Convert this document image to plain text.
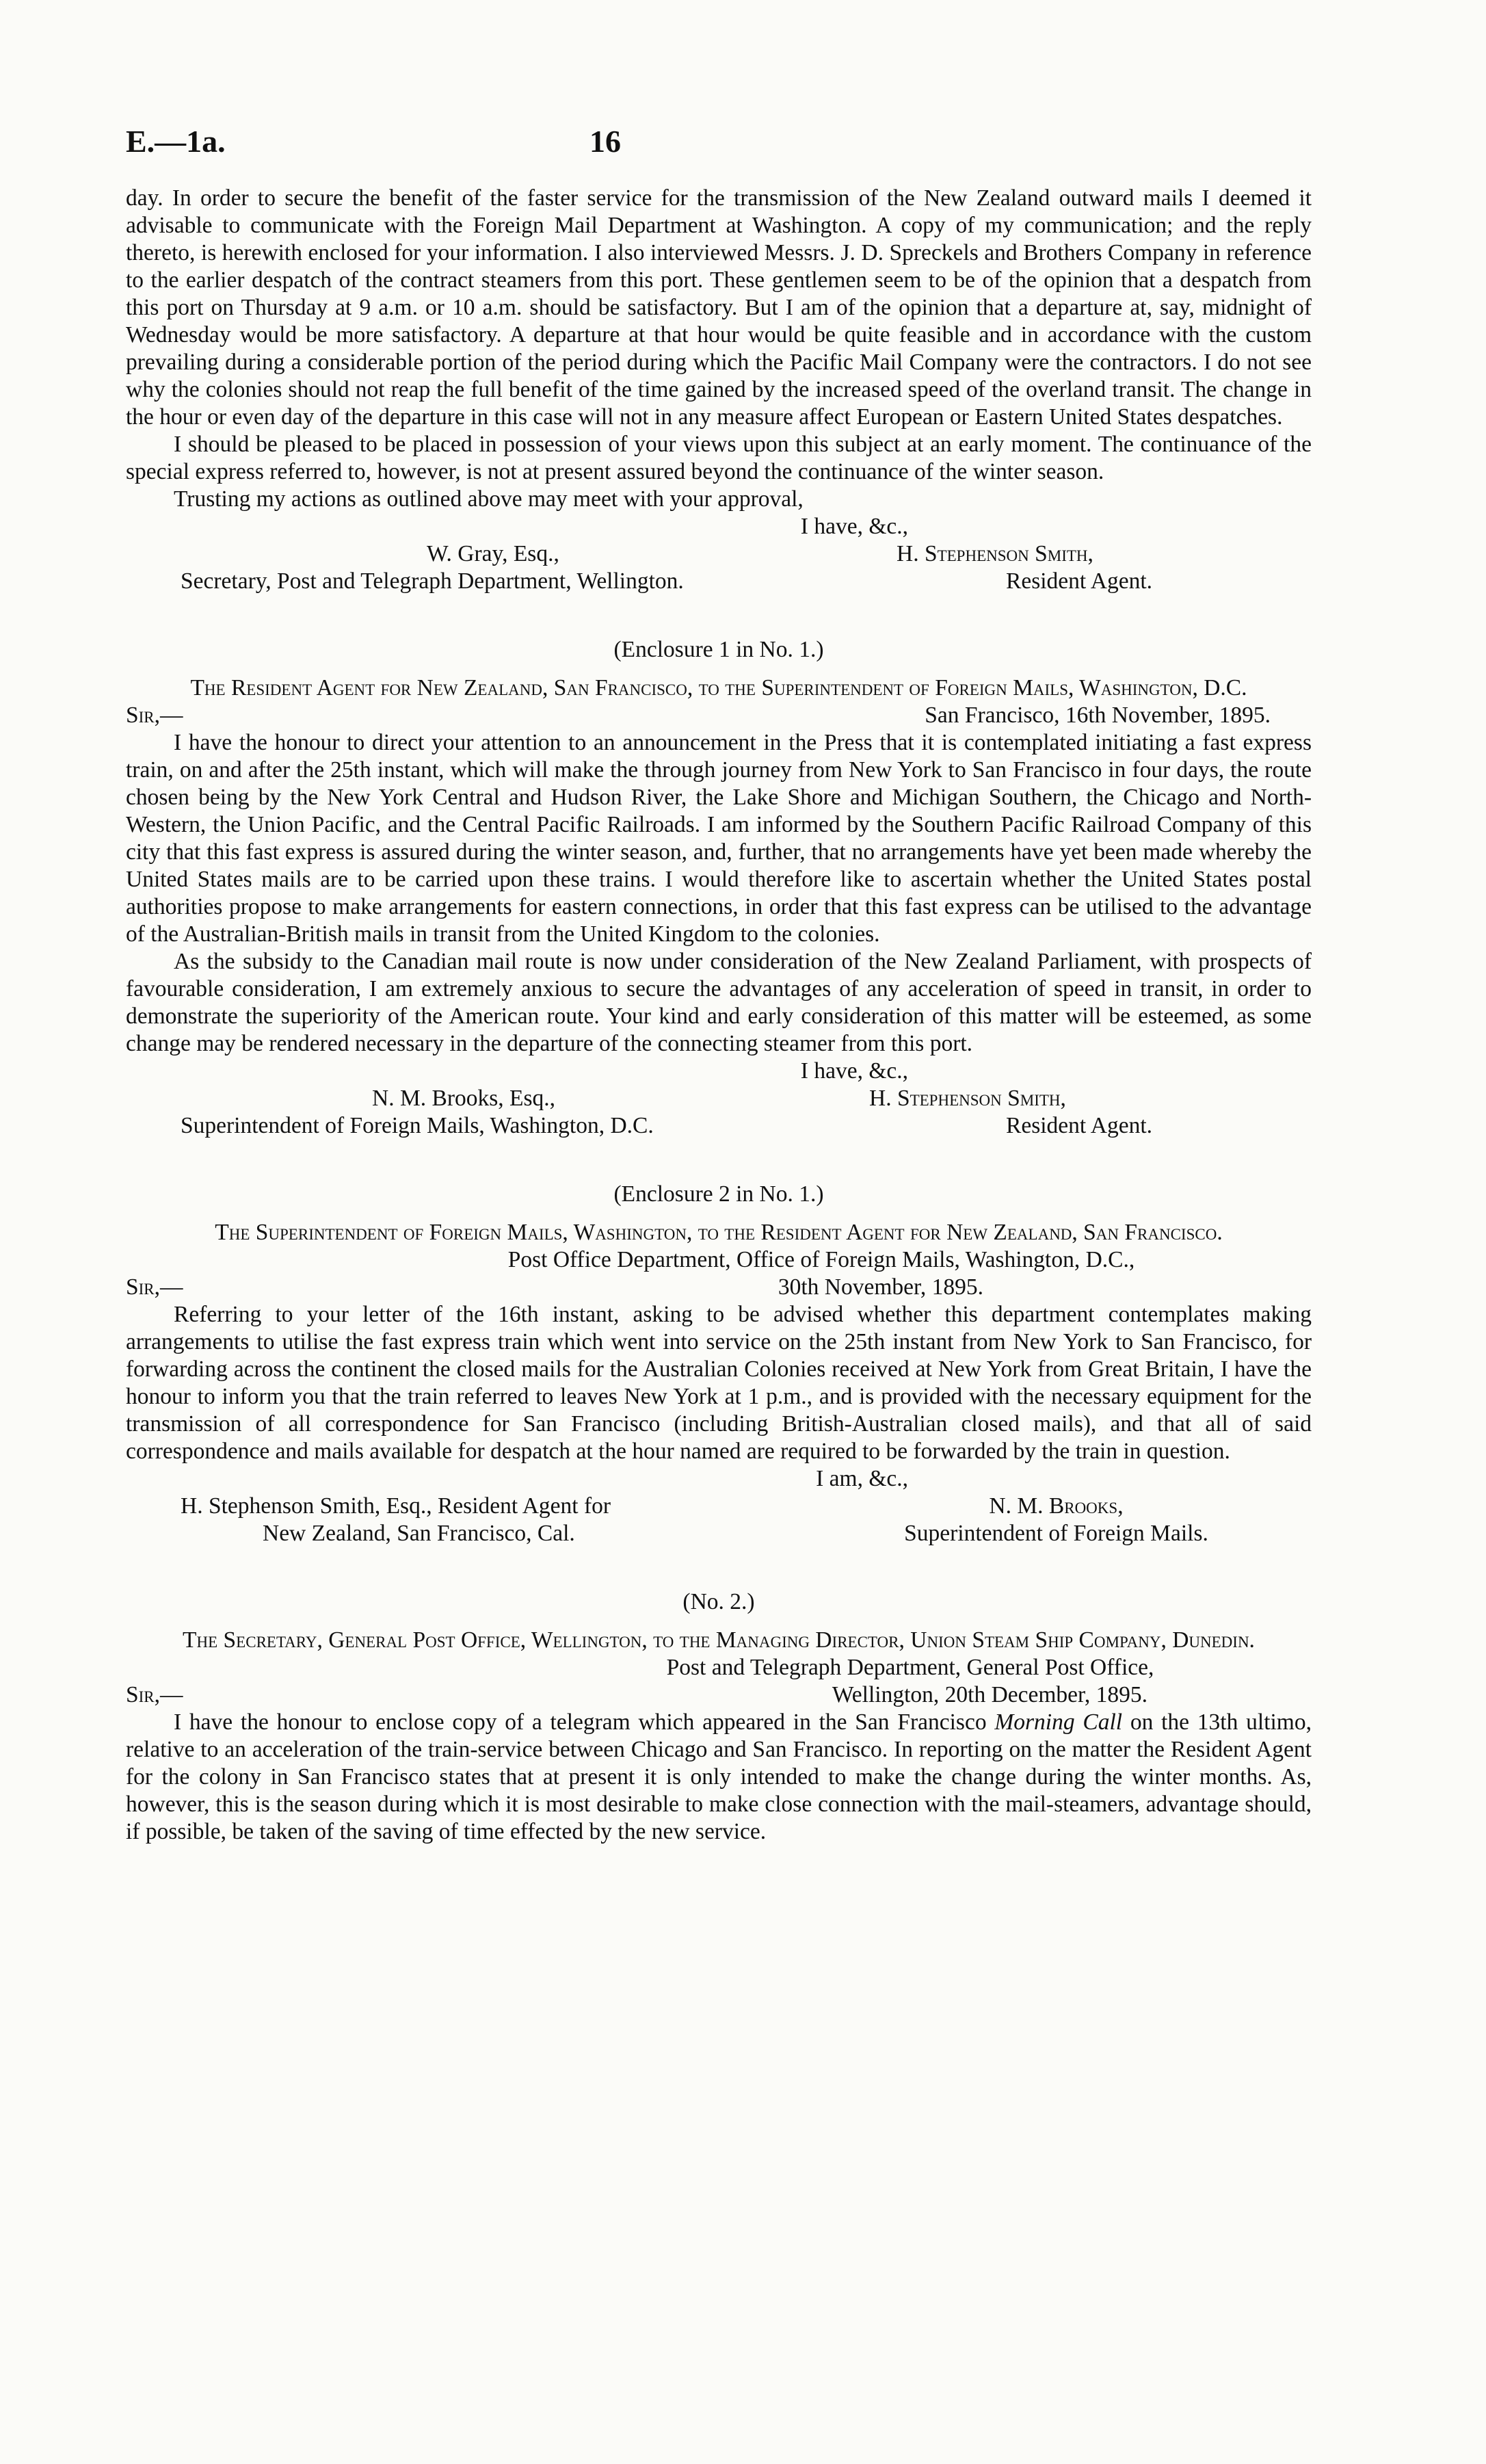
E.—1a.	16

day. In order to secure the benefit of the faster service for the transmission of the New Zealand outward mails I deemed it advisable to communicate with the Foreign Mail Department at Washington. A copy of my communication; and the reply thereto, is herewith enclosed for your information. I also interviewed Messrs. J. D. Spreckels and Brothers Company in reference to the earlier despatch of the contract steamers from this port. These gentlemen seem to be of the opinion that a despatch from this port on Thursday at 9 a.m. or 10 a.m. should be satisfactory. But I am of the opinion that a departure at, say, midnight of Wednesday would be more satisfactory. A departure at that hour would be quite feasible and in accordance with the custom prevailing during a considerable portion of the period during which the Pacific Mail Company were the contractors. I do not see why the colonies should not reap the full benefit of the time gained by the increased speed of the overland transit. The change in the hour or even day of the departure in this case will not in any measure affect European or Eastern United States despatches.

I should be pleased to be placed in possession of your views upon this subject at an early moment. The continuance of the special express referred to, however, is not at present assured beyond the continuance of the winter season.

Trusting my actions as outlined above may meet with your approval,

I have, &c.,
W. Gray, Esq.,	H. Stephenson Smith,
Secretary, Post and Telegraph Department, Wellington.	Resident Agent.
(Enclosure 1 in No. 1.)
The Resident Agent for New Zealand, San Francisco, to the Superintendent of Foreign Mails, Washington, D.C.
Sir,—	San Francisco, 16th November, 1895.

I have the honour to direct your attention to an announcement in the Press that it is contemplated initiating a fast express train, on and after the 25th instant, which will make the through journey from New York to San Francisco in four days, the route chosen being by the New York Central and Hudson River, the Lake Shore and Michigan Southern, the Chicago and North-Western, the Union Pacific, and the Central Pacific Railroads. I am informed by the Southern Pacific Railroad Company of this city that this fast express is assured during the winter season, and, further, that no arrangements have yet been made whereby the United States mails are to be carried upon these trains. I would therefore like to ascertain whether the United States postal authorities propose to make arrangements for eastern connections, in order that this fast express can be utilised to the advantage of the Australian-British mails in transit from the United Kingdom to the colonies.

As the subsidy to the Canadian mail route is now under consideration of the New Zealand Parliament, with prospects of favourable consideration, I am extremely anxious to secure the advantages of any acceleration of speed in transit, in order to demonstrate the superiority of the American route. Your kind and early consideration of this matter will be esteemed, as some change may be rendered necessary in the departure of the connecting steamer from this port.

I have, &c.,
N. M. Brooks, Esq.,	H. Stephenson Smith,
Superintendent of Foreign Mails, Washington, D.C.	Resident Agent.
(Enclosure 2 in No. 1.)
The Superintendent of Foreign Mails, Washington, to the Resident Agent for New Zealand, San Francisco.
Post Office Department, Office of Foreign Mails, Washington, D.C.,
Sir,—	30th November, 1895.

Referring to your letter of the 16th instant, asking to be advised whether this department contemplates making arrangements to utilise the fast express train which went into service on the 25th instant from New York to San Francisco, for forwarding across the continent the closed mails for the Australian Colonies received at New York from Great Britain, I have the honour to inform you that the train referred to leaves New York at 1 p.m., and is provided with the necessary equipment for the transmission of all correspondence for San Francisco (including British-Australian closed mails), and that all of said correspondence and mails available for despatch at the hour named are required to be forwarded by the train in question.

I am, &c.,
H. Stephenson Smith, Esq., Resident Agent for
New Zealand, San Francisco, Cal.
N. M. Brooks,
Superintendent of Foreign Mails.
(No. 2.)
The Secretary, General Post Office, Wellington, to the Managing Director, Union Steam Ship Company, Dunedin.
Post and Telegraph Department, General Post Office,
Sir,—	Wellington, 20th December, 1895.

I have the honour to enclose copy of a telegram which appeared in the San Francisco Morning Call on the 13th ultimo, relative to an acceleration of the train-service between Chicago and San Francisco. In reporting on the matter the Resident Agent for the colony in San Francisco states that at present it is only intended to make the change during the winter months. As, however, this is the season during which it is most desirable to make close connection with the mail-steamers, advantage should, if possible, be taken of the saving of time effected by the new service.
